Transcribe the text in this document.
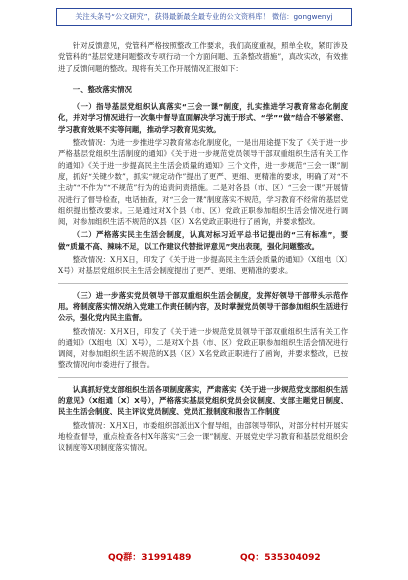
关注头条号“公文研究”，获得最新最全最专业的公文资料库！ 微信：gongwenyj

针对反馈意见，党管科严格按照整改工作要求，我们高度重视，照单全收，紧盯涉及党管科的“基层党建问题整改专项行动一个方面问题、五条整改措施”，真改实改，有效推进了反馈问题的整改。现将有关工作开展情况汇报如下：

一、整改落实情况

（一）指导基层党组织认真落实“三会一课”制度，扎实推进学习教育常态化制度化，并对学习情况进行一次集中督导直面解决学习流于形式、“学”“做”结合不够紧密、学习教育效果不实等问题，推动学习教育见实效。

整改情况：为进一步推进学习教育常态化制度化，一是出用途提下发了《关于进一步严格基层党组织生活制度的通知》《关于进一步规范党员领导干部双重组织生活有关工作的通知》《关于进一步提高民主生活会质量的通知》三个文件，进一步规范“三会一课”制度，抓好“关键少数”，抓实“规定动作”提出了更严、更细、更精准的要求，明确了对“不主动”“不作为”“不规范”行为的追责问责措施。二是对各县（市、区）“三会一课”开展情况进行了督导检查，电话抽查，对“三会一课”制度落实不规范，学习教育不经常的基层党组织提出整改要求。三是通过对X个县（市、区）党政正职参加组织生活会情况进行调阅，对参加组织生活不规范的X县（区）X名党政正职进行了函询，并要求整改。

（二）严格落实民主生活会制度，认真对标习近平总书记提出的“三有标准”，要做“质量不高、辣味不足，以工作建议代替批评意见”突出表现，强化问题整改。

整改情况：X月X日，印发了《关于进一步提高民主生活会质量的通知》（X组电〔X〕X号）对基层党组织民主生活会制度提出了更严、更细、更精准的要求。

（三）进一步落实党员领导干部双重组织生活会制度，发挥好领导干部带头示范作用。将制度落实情况纳入党建工作责任制内容，及时掌握党员领导干部参加组织生活进行公示，强化党内民主监督。

整改情况：X月X日，印发了《关于进一步规范党员领导干部双重组织生活有关工作的通知》（X组电〔X〕X号），二是对X个县（市、区）党政正职参加组织生活会情况进行调阅，对参加组织生活不规范的X县（区）X名党政正职进行了函询，并要求整改，已按整改情况向市委进行了报告。

认真抓好党支部组织生活各项制度落实，严肃落实《关于进一步规范党支部组织生活的意见》（X组通〔X〕X号），严格落实基层党组织党员会议制度、支部主题党日制度、民主生活会制度、民主评议党员制度、党员汇报制度和报告工作制度

整改情况：X月X日，市委组织部派出X个督导组，由部领导带队，对部分村村开展实地检查督导，重点检查各村X年落实“三会一课”制度、开展党史学习教育和基层党组织会议制度等X项制度落实情况。

QQ群：31991489	QQ：535304092
